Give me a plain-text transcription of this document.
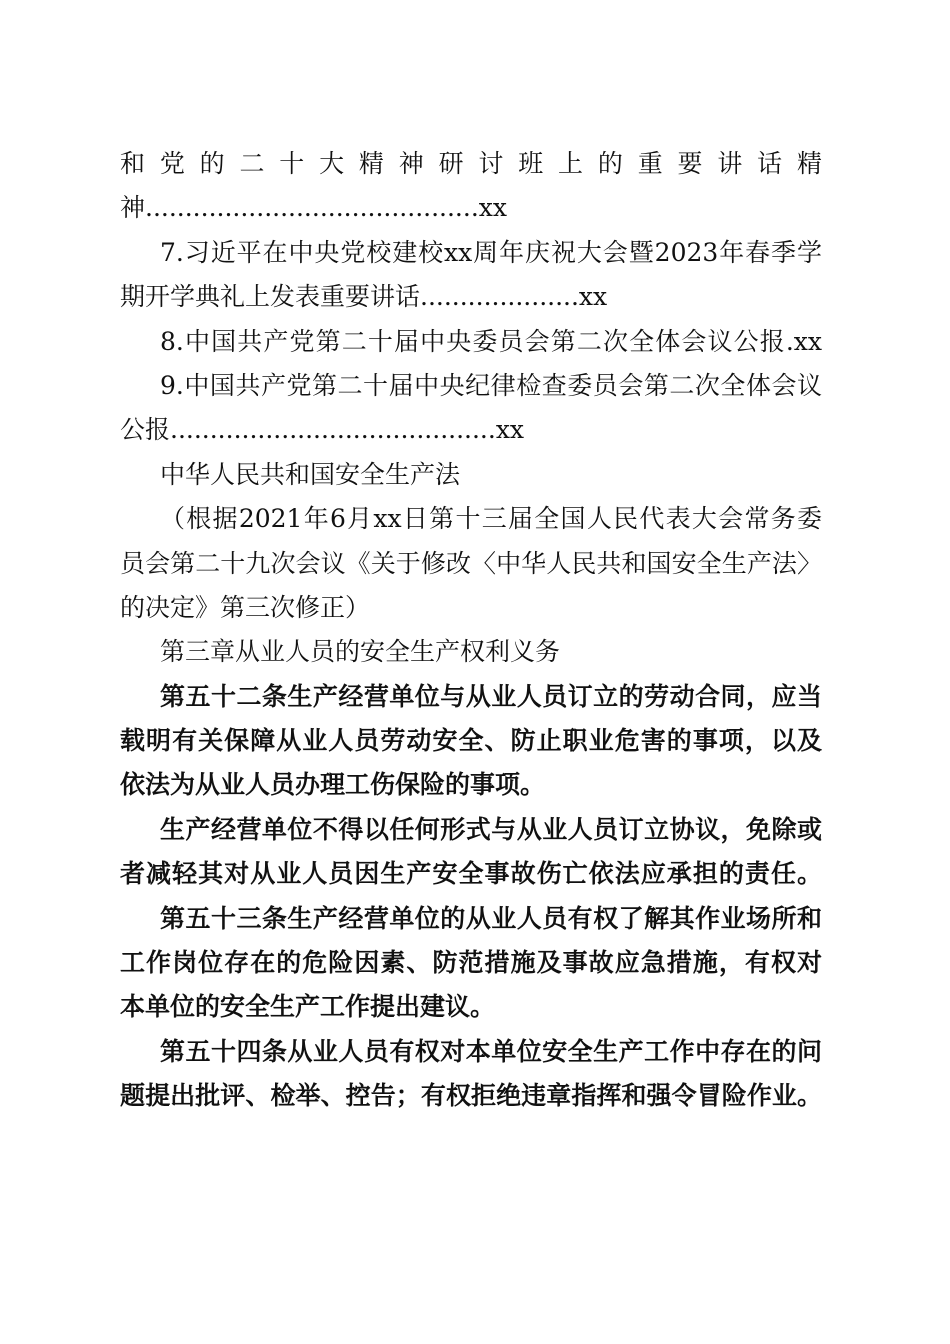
和党的二十大精神研讨班上的重要讲话精
神..........................................xx
7.习近平在中央党校建校xx周年庆祝大会暨2023年春季学
期开学典礼上发表重要讲话....................xx
8.中国共产党第二十届中央委员会第二次全体会议公报.xx
9.中国共产党第二十届中央纪律检查委员会第二次全体会议
公报.........................................xx
中华人民共和国安全生产法
（根据2021年6月xx日第十三届全国人民代表大会常务委
员会第二十九次会议《关于修改〈中华人民共和国安全生产法〉
的决定》第三次修正）
第三章从业人员的安全生产权利义务
第五十二条生产经营单位与从业人员订立的劳动合同，应当
载明有关保障从业人员劳动安全、防止职业危害的事项，以及
依法为从业人员办理工伤保险的事项。
生产经营单位不得以任何形式与从业人员订立协议，免除或
者减轻其对从业人员因生产安全事故伤亡依法应承担的责任。
第五十三条生产经营单位的从业人员有权了解其作业场所和
工作岗位存在的危险因素、防范措施及事故应急措施，有权对
本单位的安全生产工作提出建议。
第五十四条从业人员有权对本单位安全生产工作中存在的问
题提出批评、检举、控告；有权拒绝违章指挥和强令冒险作业。
